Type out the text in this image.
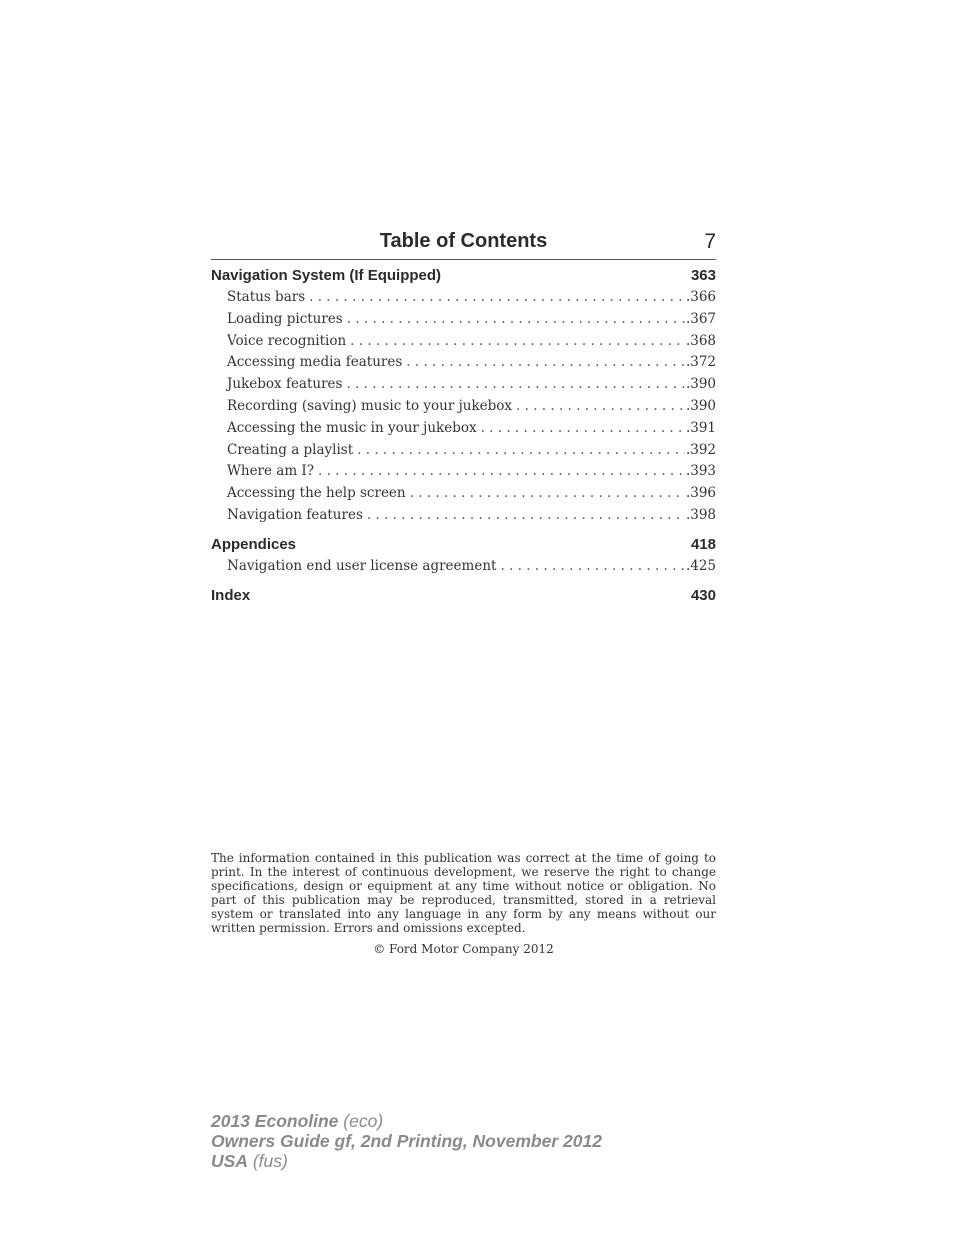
Table of Contents	7
Navigation System (If Equipped)	363
Status bars . . .	.366
Loading pictures . . .	.367
Voice recognition . . .	.368
Accessing media features . . .	.372
Jukebox features . . .	.390
Recording (saving) music to your jukebox . . .	.390
Accessing the music in your jukebox . . .	.391
Creating a playlist . . .	.392
Where am I? . . .	.393
Accessing the help screen . . .	.396
Navigation features . . .	.398
Appendices	418
Navigation end user license agreement . . .	.425
Index	430
The information contained in this publication was correct at the time of going to print. In the interest of continuous development, we reserve the right to change specifications, design or equipment at any time without notice or obligation. No part of this publication may be reproduced, transmitted, stored in a retrieval system or translated into any language in any form by any means without our written permission. Errors and omissions excepted.
© Ford Motor Company 2012
2013 Econoline (eco)
Owners Guide gf, 2nd Printing, November 2012
USA (fus)
